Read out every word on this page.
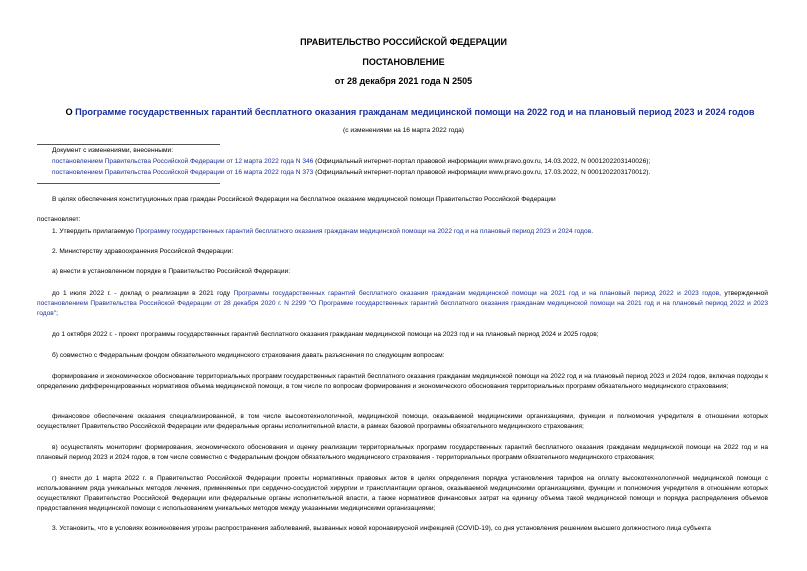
ПРАВИТЕЛЬСТВО РОССИЙСКОЙ ФЕДЕРАЦИИ
ПОСТАНОВЛЕНИЕ
от 28 декабря 2021 года N 2505
О Программе государственных гарантий бесплатного оказания гражданам медицинской помощи на 2022 год и на плановый период 2023 и 2024 годов
(с изменениями на 16 марта 2022 года)
Документ с изменениями, внесенными:
постановлением Правительства Российской Федерации от 12 марта 2022 года N 346 (Официальный интернет-портал правовой информации www.pravo.gov.ru, 14.03.2022, N 0001202203140026);
постановлением Правительства Российской Федерации от 16 марта 2022 года N 373 (Официальный интернет-портал правовой информации www.pravo.gov.ru, 17.03.2022, N 0001202203170012).
В целях обеспечения конституционных прав граждан Российской Федерации на бесплатное оказание медицинской помощи Правительство Российской Федерации
постановляет:
1. Утвердить прилагаемую Программу государственных гарантий бесплатного оказания гражданам медицинской помощи на 2022 год и на плановый период 2023 и 2024 годов.
2. Министерству здравоохранения Российской Федерации:
а) внести в установленном порядке в Правительство Российской Федерации:
до 1 июля 2022 г. - доклад о реализации в 2021 году Программы государственных гарантий бесплатного оказания гражданам медицинской помощи на 2021 год и на плановый период 2022 и 2023 годов, утвержденной постановлением Правительства Российской Федерации от 28 декабря 2020 г. N 2299 "О Программе государственных гарантий бесплатного оказания гражданам медицинской помощи на 2021 год и на плановый период 2022 и 2023 годов";
до 1 октября 2022 г. - проект программы государственных гарантий бесплатного оказания гражданам медицинской помощи на 2023 год и на плановый период 2024 и 2025 годов;
б) совместно с Федеральным фондом обязательного медицинского страхования давать разъяснения по следующим вопросам:
формирование и экономическое обоснование территориальных программ государственных гарантий бесплатного оказания гражданам медицинской помощи на 2022 год и на плановый период 2023 и 2024 годов, включая подходы к определению дифференцированных нормативов объема медицинской помощи, в том числе по вопросам формирования и экономического обоснования территориальных программ обязательного медицинского страхования;
финансовое обеспечение оказания специализированной, в том числе высокотехнологичной, медицинской помощи, оказываемой медицинскими организациями, функции и полномочия учредителя в отношении которых осуществляет Правительство Российской Федерации или федеральные органы исполнительной власти, в рамках базовой программы обязательного медицинского страхования;
в) осуществлять мониторинг формирования, экономического обоснования и оценку реализации территориальных программ государственных гарантий бесплатного оказания гражданам медицинской помощи на 2022 год и на плановый период 2023 и 2024 годов, в том числе совместно с Федеральным фондом обязательного медицинского страхования - территориальных программ обязательного медицинского страхования;
г) внести до 1 марта 2022 г. в Правительство Российской Федерации проекты нормативных правовых актов в целях определения порядка установления тарифов на оплату высокотехнологичной медицинской помощи с использованием ряда уникальных методов лечения, применяемых при сердечно-сосудистой хирургии и трансплантации органов, оказываемой медицинскими организациями, функции и полномочия учредителя в отношении которых осуществляют Правительство Российской Федерации или федеральные органы исполнительной власти, а также нормативов финансовых затрат на единицу объема такой медицинской помощи и порядка распределения объемов предоставления медицинской помощи с использованием уникальных методов между указанными медицинскими организациями;
3. Установить, что в условиях возникновения угрозы распространения заболеваний, вызванных новой коронавирусной инфекцией (COVID-19), со дня установления решением высшего должностного лица субъекта
